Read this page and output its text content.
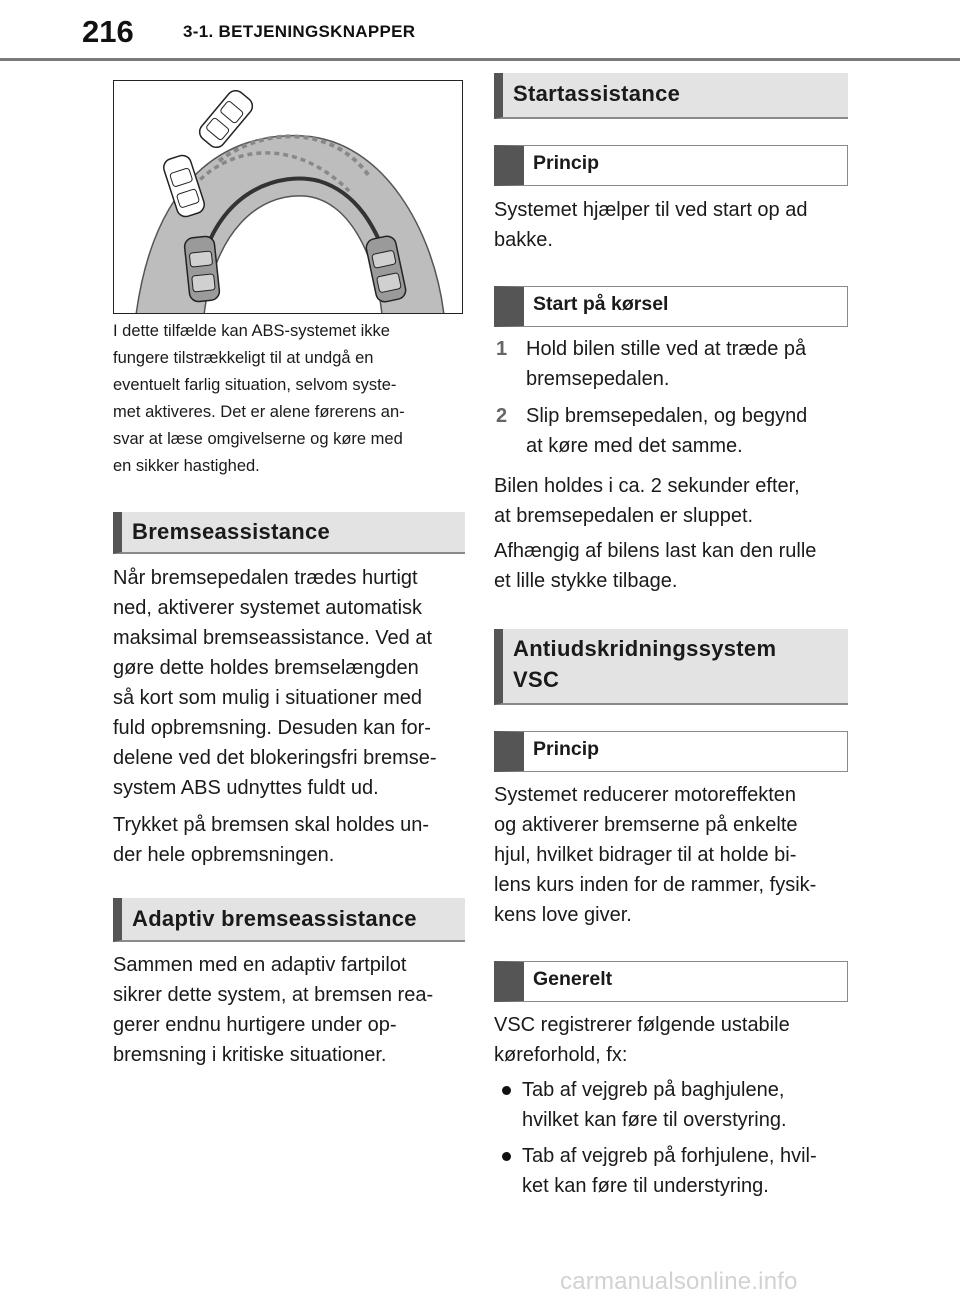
216	3-1. BETJENINGSKNAPPER
I dette tilfælde kan ABS-systemet ikke
fungere tilstrækkeligt til at undgå en
eventuelt farlig situation, selvom syste-
met aktiveres. Det er alene førerens an-
svar at læse omgivelserne og køre med
en sikker hastighed.
Bremseassistance
Når bremsepedalen trædes hurtigt
ned, aktiverer systemet automatisk
maksimal bremseassistance. Ved at
gøre dette holdes bremselængden
så kort som mulig i situationer med
fuld opbremsning. Desuden kan for-
delene ved det blokeringsfri bremse-
system ABS udnyttes fuldt ud.
Trykket på bremsen skal holdes un-
der hele opbremsningen.
Adaptiv bremseassistance
Sammen med en adaptiv fartpilot
sikrer dette system, at bremsen rea-
gerer endnu hurtigere under op-
bremsning i kritiske situationer.
Startassistance
Princip
Systemet hjælper til ved start op ad
bakke.
Start på kørsel
1 Hold bilen stille ved at træde på
bremsepedalen.
2 Slip bremsepedalen, og begynd
at køre med det samme.
Bilen holdes i ca. 2 sekunder efter,
at bremsepedalen er sluppet.
Afhængig af bilens last kan den rulle
et lille stykke tilbage.
Antiudskridningssystem
VSC
Princip
Systemet reducerer motoreffekten
og aktiverer bremserne på enkelte
hjul, hvilket bidrager til at holde bi-
lens kurs inden for de rammer, fysik-
kens love giver.
Generelt
VSC registrerer følgende ustabile
køreforhold, fx:
Tab af vejgreb på baghjulene,
hvilket kan føre til overstyring.
Tab af vejgreb på forhjulene, hvil-
ket kan føre til understyring.
carmanualsonline.info
